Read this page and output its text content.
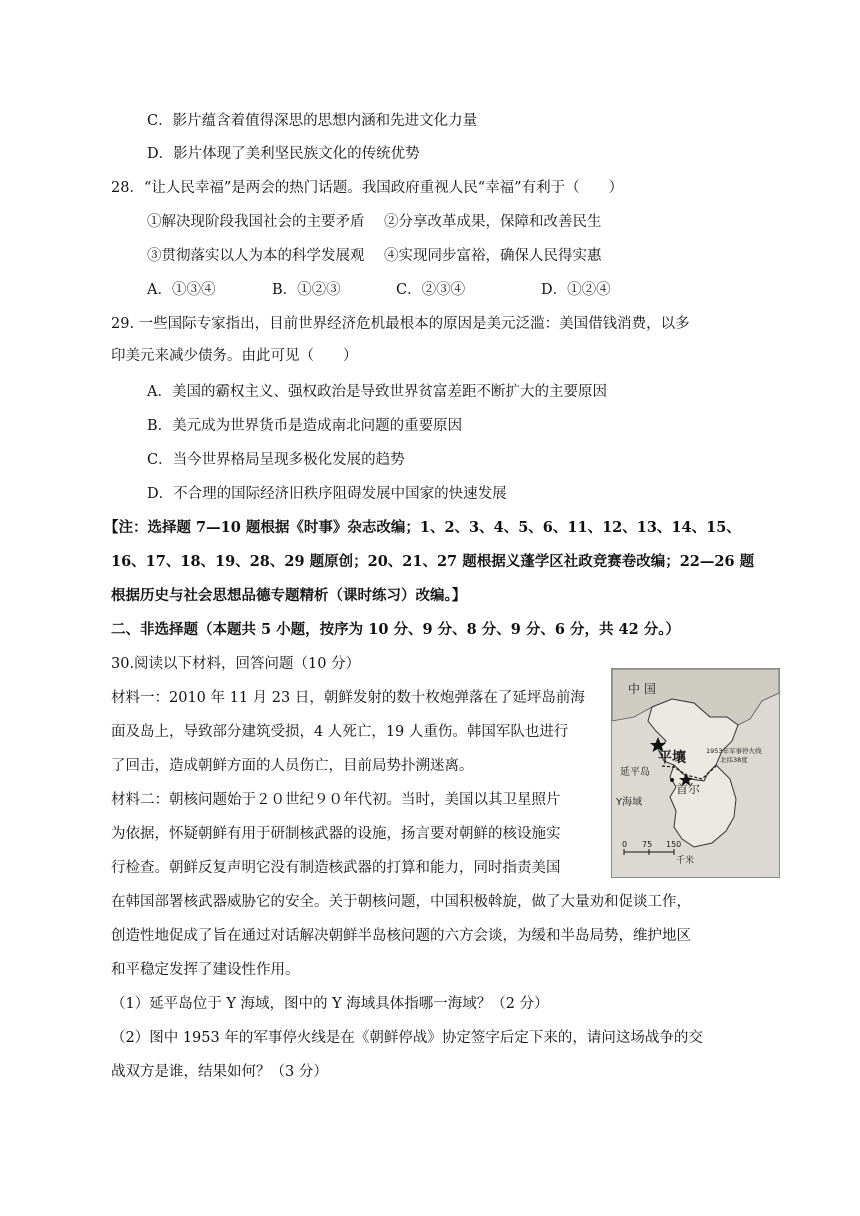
C．影片蕴含着值得深思的思想内涵和先进文化力量
D．影片体现了美利坚民族文化的传统优势
28．“让人民幸福”是两会的热门话题。我国政府重视人民“幸福”有利于（　　）
①解决现阶段我国社会的主要矛盾 ②分享改革成果，保障和改善民生
③贯彻落实以人为本的科学发展观 ④实现同步富裕，确保人民得实惠
A．①③④	B．①②③	C．②③④	D．①②④
29. 一些国际专家指出，目前世界经济危机最根本的原因是美元泛滥：美国借钱消费，以多
印美元来减少债务。由此可见（　　）
A．美国的霸权主义、强权政治是导致世界贫富差距不断扩大的主要原因
B．美元成为世界货币是造成南北问题的重要原因
C．当今世界格局呈现多极化发展的趋势
D．不合理的国际经济旧秩序阻碍发展中国家的快速发展
【注：选择题 7—10 题根据《时事》杂志改编；1、2、3、4、5、6、11、12、13、14、15、
16、17、18、19、28、29 题原创；20、21、27 题根据义蓬学区社政竞赛卷改编；22—26 题
根据历史与社会思想品德专题精析（课时练习）改编。】
二、非选择题（本题共 5 小题，按序为 10 分、9 分、8 分、9 分、6 分，共 42 分。）
30.阅读以下材料，回答问题（10 分）
材料一：2010 年 11 月 23 日，朝鲜发射的数十枚炮弹落在了延坪岛前海
面及岛上，导致部分建筑受损，4 人死亡，19 人重伤。韩国军队也进行
了回击，造成朝鲜方面的人员伤亡，目前局势扑溯迷离。
材料二：朝核问题始于２０世纪９０年代初。当时，美国以其卫星照片
为依据，怀疑朝鲜有用于研制核武器的设施，扬言要对朝鲜的核设施实
行检查。朝鲜反复声明它没有制造核武器的打算和能力，同时指责美国
在韩国部署核武器威胁它的安全。关于朝核问题，中国积极斡旋，做了大量劝和促谈工作，
创造性地促成了旨在通过对话解决朝鲜半岛核问题的六方会谈，为缓和半岛局势，维护地区
和平稳定发挥了建设性作用。
（1）延平岛位于 Y 海域，图中的 Y 海域具体指哪一海域？（2 分）
（2）图中 1953 年的军事停火线是在《朝鲜停战》协定签字后定下来的，请问这场战争的交
战双方是谁，结果如何？（3 分）
中 国
平壤	1953年军事停火线
北纬38度
延平岛
首尔
Y海域
0 75 150
千米
